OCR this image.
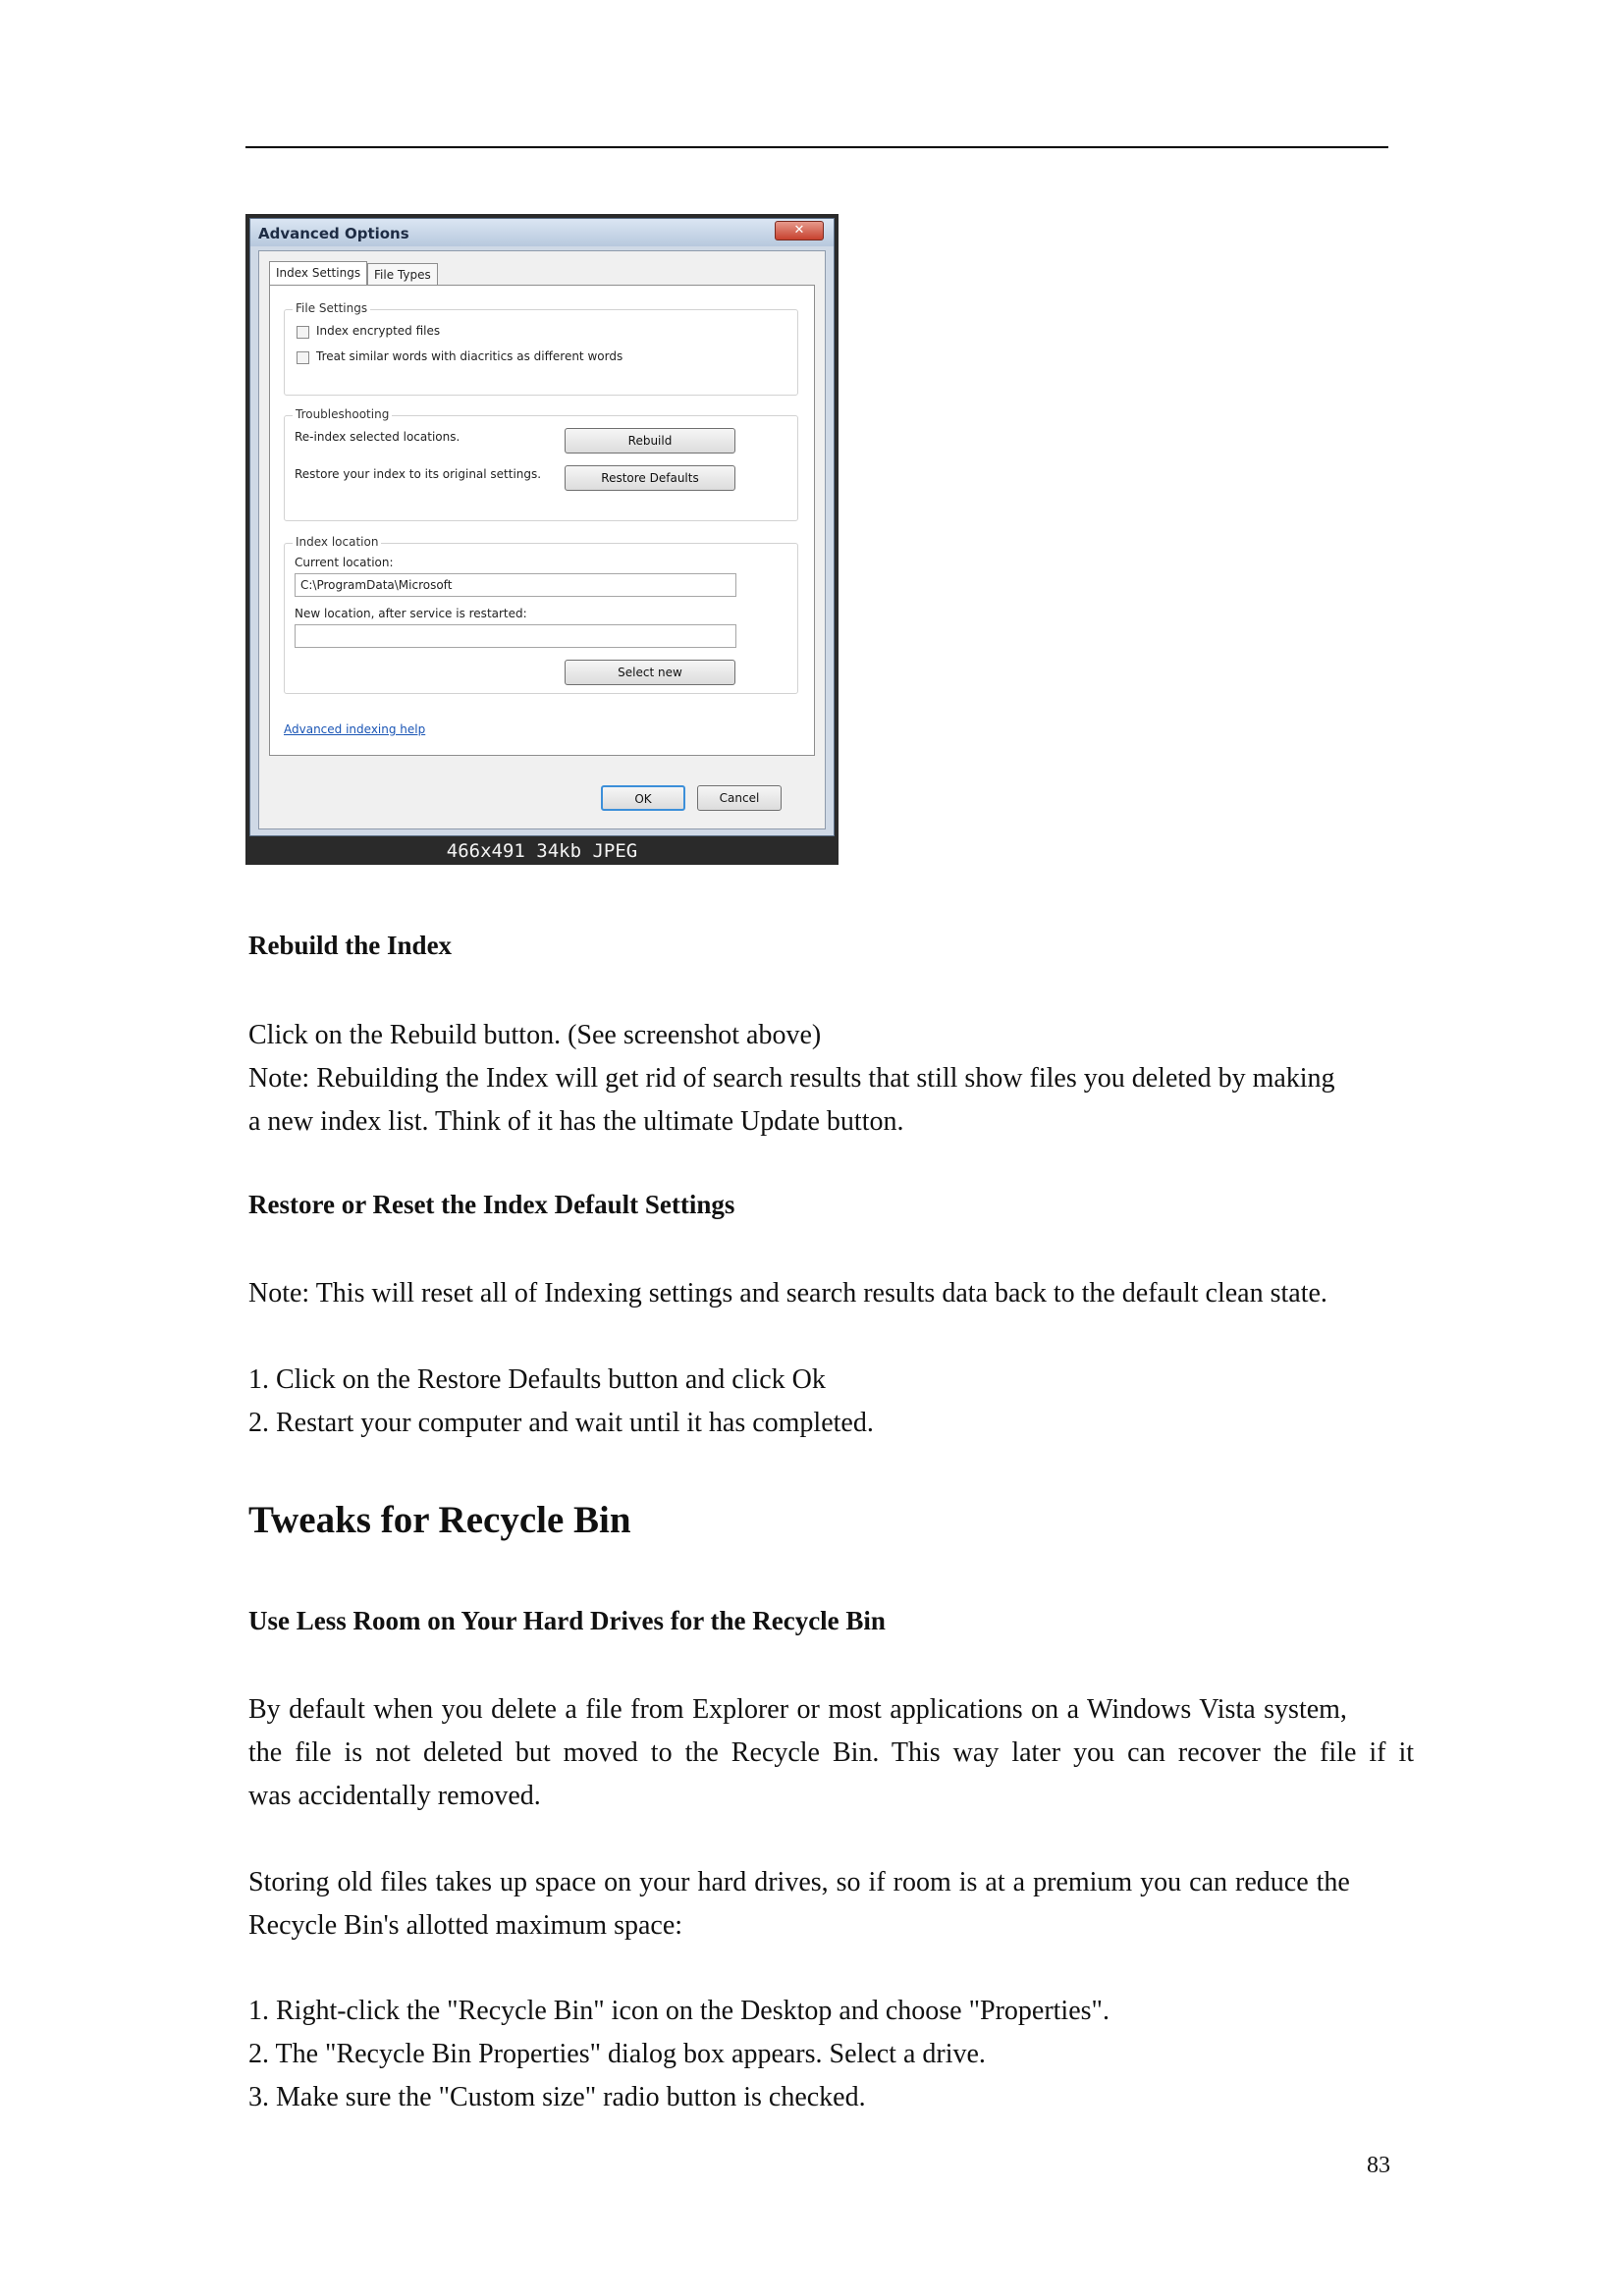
Advanced Options	✕
Index Settings	File Types
File Settings
Index encrypted files
Treat similar words with diacritics as different words
Troubleshooting
Re-index selected locations.	Rebuild
Restore your index to its original settings.	Restore Defaults
Index location
Current location:
C:\ProgramData\Microsoft
New location, after service is restarted:
Select new
Advanced indexing help
OK	Cancel
466x491 34kb JPEG
Rebuild the Index
Click on the Rebuild button. (See screenshot above)
Note: Rebuilding the Index will get rid of search results that still show files you deleted by making
a new index list. Think of it has the ultimate Update button.
Restore or Reset the Index Default Settings
Note: This will reset all of Indexing settings and search results data back to the default clean state.
1. Click on the Restore Defaults button and click Ok
2. Restart your computer and wait until it has completed.
Tweaks for Recycle Bin
Use Less Room on Your Hard Drives for the Recycle Bin
By default when you delete a file from Explorer or most applications on a Windows Vista system,
the file is not deleted but moved to the Recycle Bin. This way later you can recover the file if it
was accidentally removed.
Storing old files takes up space on your hard drives, so if room is at a premium you can reduce the
Recycle Bin's allotted maximum space:
1. Right-click the "Recycle Bin" icon on the Desktop and choose "Properties".
2. The "Recycle Bin Properties" dialog box appears. Select a drive.
3. Make sure the "Custom size" radio button is checked.
83
